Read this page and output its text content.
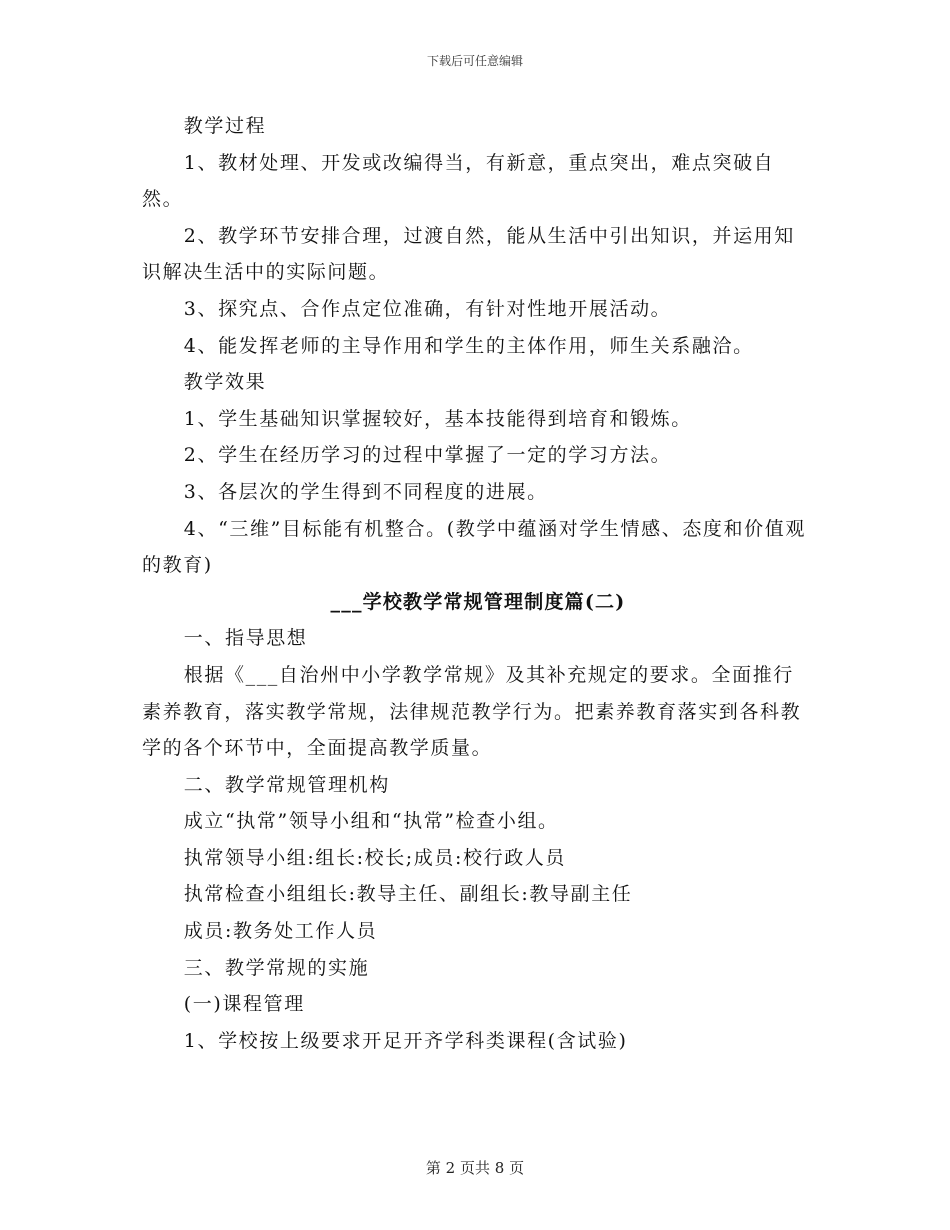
下载后可任意编辑

教学过程

1、教材处理、开发或改编得当，有新意，重点突出，难点突破自然。

2、教学环节安排合理，过渡自然，能从生活中引出知识，并运用知识解决生活中的实际问题。

3、探究点、合作点定位准确，有针对性地开展活动。

4、能发挥老师的主导作用和学生的主体作用，师生关系融洽。

教学效果

1、学生基础知识掌握较好，基本技能得到培育和锻炼。

2、学生在经历学习的过程中掌握了一定的学习方法。

3、各层次的学生得到不同程度的进展。

4、“三维”目标能有机整合。(教学中蕴涵对学生情感、态度和价值观的教育)

___学校教学常规管理制度篇(二)

一、指导思想

根据《___自治州中小学教学常规》及其补充规定的要求。全面推行素养教育，落实教学常规，法律规范教学行为。把素养教育落实到各科教学的各个环节中，全面提高教学质量。

二、教学常规管理机构

成立“执常”领导小组和“执常”检查小组。

执常领导小组:组长:校长;成员:校行政人员

执常检查小组组长:教导主任、副组长:教导副主任

成员:教务处工作人员

三、教学常规的实施

(一)课程管理

1、学校按上级要求开足开齐学科类课程(含试验)

第 2 页共 8 页
